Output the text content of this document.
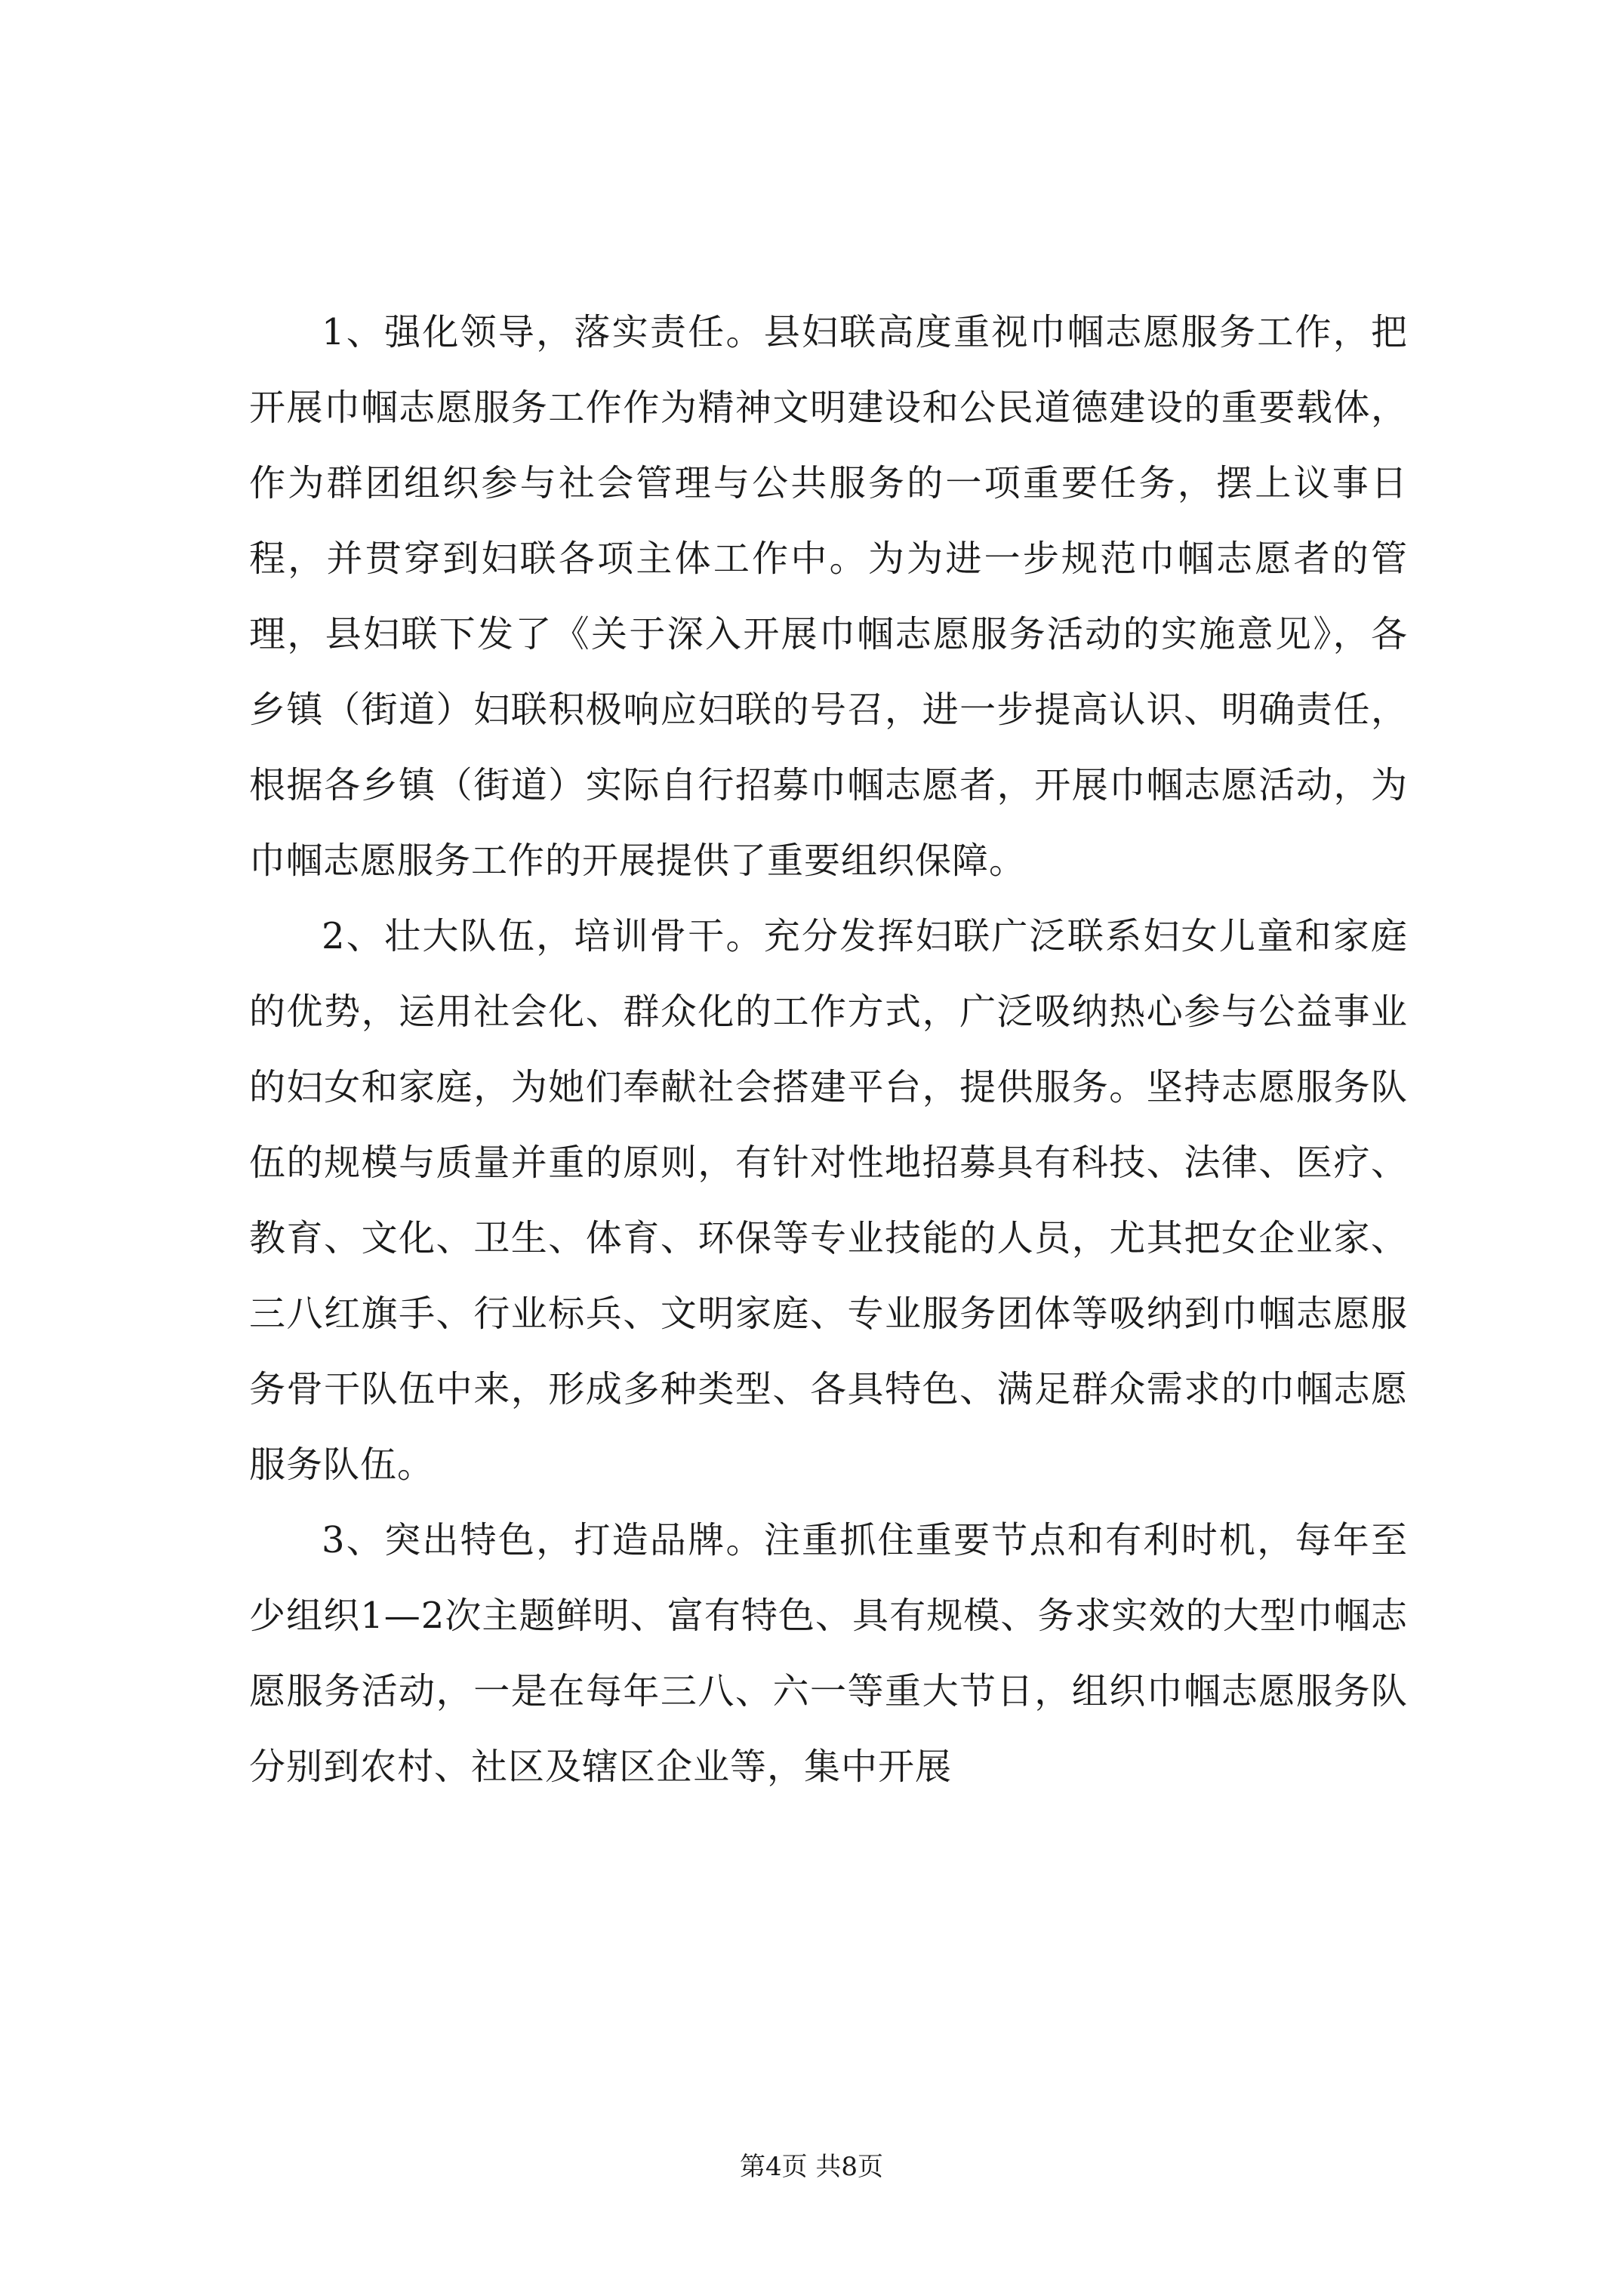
1、强化领导，落实责任。县妇联高度重视巾帼志愿服务工作，把开展巾帼志愿服务工作作为精神文明建设和公民道德建设的重要载体，作为群团组织参与社会管理与公共服务的一项重要任务，摆上议事日程，并贯穿到妇联各项主体工作中。为为进一步规范巾帼志愿者的管理，县妇联下发了《关于深入开展巾帼志愿服务活动的实施意见》，各乡镇（街道）妇联积极响应妇联的号召，进一步提高认识、明确责任，根据各乡镇（街道）实际自行招募巾帼志愿者，开展巾帼志愿活动，为巾帼志愿服务工作的开展提供了重要组织保障。

2、壮大队伍，培训骨干。充分发挥妇联广泛联系妇女儿童和家庭的优势，运用社会化、群众化的工作方式，广泛吸纳热心参与公益事业的妇女和家庭，为她们奉献社会搭建平台，提供服务。坚持志愿服务队伍的规模与质量并重的原则，有针对性地招募具有科技、法律、医疗、教育、文化、卫生、体育、环保等专业技能的人员，尤其把女企业家、三八红旗手、行业标兵、文明家庭、专业服务团体等吸纳到巾帼志愿服务骨干队伍中来，形成多种类型、各具特色、满足群众需求的巾帼志愿服务队伍。

3、突出特色，打造品牌。注重抓住重要节点和有利时机，每年至少组织1—2次主题鲜明、富有特色、具有规模、务求实效的大型巾帼志愿服务活动，一是在每年三八、六一等重大节日，组织巾帼志愿服务队分别到农村、社区及辖区企业等，集中开展

第4页 共8页
